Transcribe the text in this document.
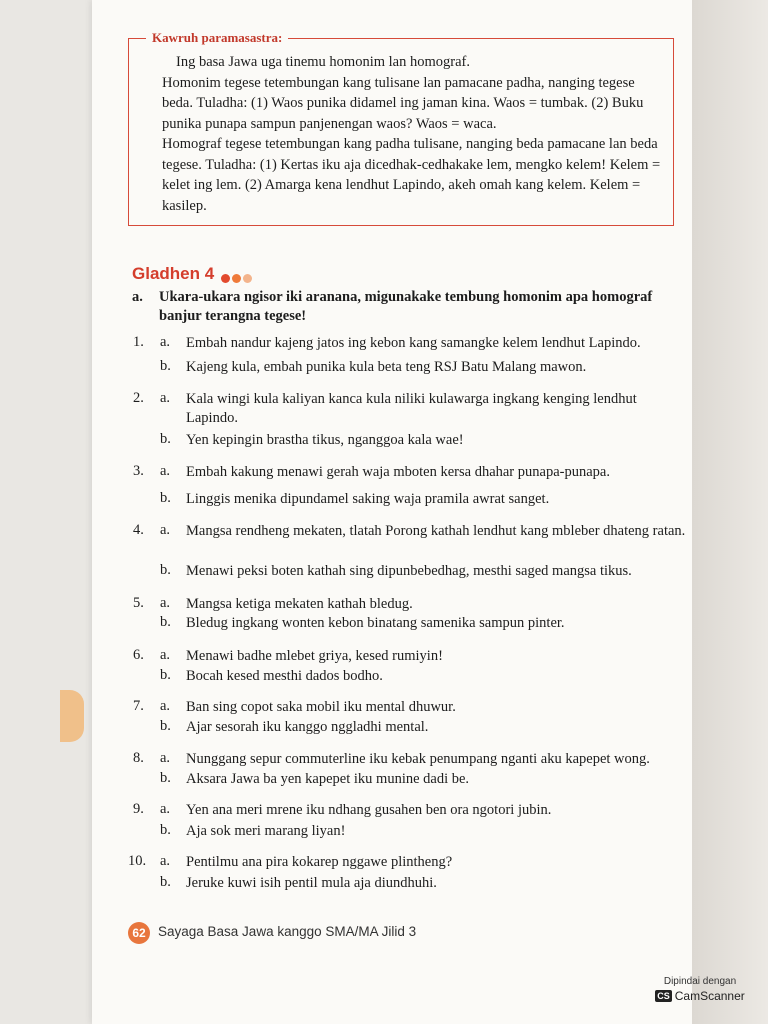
Kawruh paramasastra:

Ing basa Jawa uga tinemu homonim lan homograf.

Homonim tegese tetembungan kang tulisane lan pamacane padha, nanging tegese beda. Tuladha: (1) Waos punika didamel ing jaman kina. Waos = tumbak. (2) Buku punika punapa sampun panjenengan waos? Waos = waca.

Homograf tegese tetembungan kang padha tulisane, nanging beda pamacane lan beda tegese. Tuladha: (1) Kertas iku aja dicedhak-cedhakake lem, mengko kelem! Kelem = kelet ing lem. (2) Amarga kena lendhut Lapindo, akeh omah kang kelem. Kelem = kasilep.

Gladhen 4
a. Ukara-ukara ngisor iki aranana, migunakake tembung homonim apa homograf banjur terangna tegese!
1. a. Embah nandur kajeng jatos ing kebon kang samangke kelem lendhut Lapindo.
b. Kajeng kula, embah punika kula beta teng RSJ Batu Malang mawon.
2. a. Kala wingi kula kaliyan kanca kula niliki kulawarga ingkang kenging lendhut Lapindo.
b. Yen kepingin brastha tikus, nganggoa kala wae!
3. a. Embah kakung menawi gerah waja mboten kersa dhahar punapa-punapa.
b. Linggis menika dipundamel saking waja pramila awrat sanget.
4. a. Mangsa rendheng mekaten, tlatah Porong kathah lendhut kang mbleber dhateng ratan.
b. Menawi peksi boten kathah sing dipunbebedhag, mesthi saged mangsa tikus.
5. a. Mangsa ketiga mekaten kathah bledug.
b. Bledug ingkang wonten kebon binatang samenika sampun pinter.
6. a. Menawi badhe mlebet griya, kesed rumiyin!
b. Bocah kesed mesthi dados bodho.
7. a. Ban sing copot saka mobil iku mental dhuwur.
b. Ajar sesorah iku kanggo nggladhi mental.
8. a. Nunggang sepur commuterline iku kebak penumpang nganti aku kapepet wong.
b. Aksara Jawa ba yen kapepet iku munine dadi be.
9. a. Yen ana meri mrene iku ndhang gusahen ben ora ngotori jubin.
b. Aja sok meri marang liyan!
10. a. Pentilmu ana pira kokarep nggawe plintheng?
b. Jeruke kuwi isih pentil mula aja diundhuhi.
62 Sayaga Basa Jawa kanggo SMA/MA Jilid 3
Dipindai dengan
CS CamScanner
